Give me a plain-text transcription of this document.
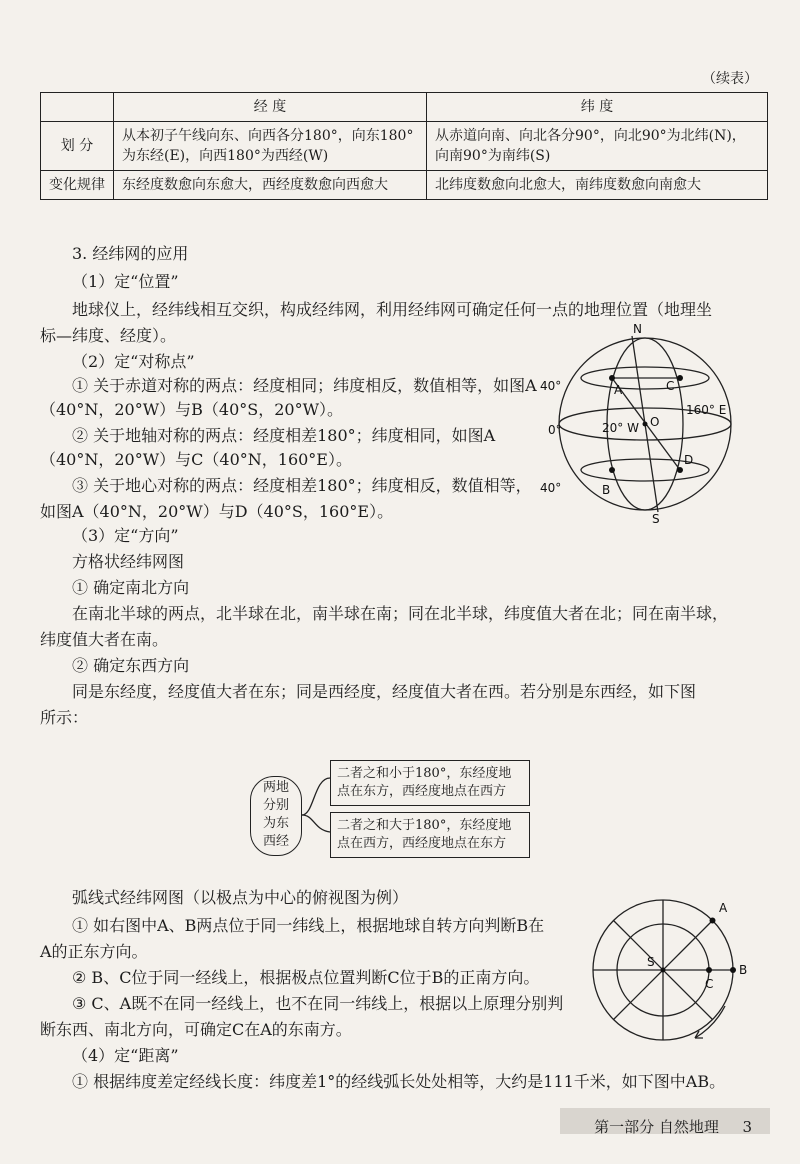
（续表）
	经 度	纬 度
划 分	从本初子午线向东、向西各分180°，向东180°为东经(E)，向西180°为西经(W)	从赤道向南、向北各分90°，向北90°为北纬(N)，向南90°为南纬(S)
变化规律	东经度数愈向东愈大，西经度数愈向西愈大	北纬度数愈向北愈大，南纬度数愈向南愈大
3. 经纬网的应用
（1）定“位置”
地球仪上，经纬线相互交织，构成经纬网，利用经纬网可确定任何一点的地理位置（地理坐
标—纬度、经度）。
（2）定“对称点”
① 关于赤道对称的两点：经度相同；纬度相反，数值相等，如图A
（40°N，20°W）与B（40°S，20°W）。
② 关于地轴对称的两点：经度相差180°；纬度相同，如图A
（40°N，20°W）与C（40°N，160°E）。
③ 关于地心对称的两点：经度相差180°；纬度相反，数值相等，
如图A（40°N，20°W）与D（40°S，160°E）。
（3）定“方向”
方格状经纬网图
① 确定南北方向
在南北半球的两点，北半球在北，南半球在南；同在北半球，纬度值大者在北；同在南半球，
纬度值大者在南。
② 确定东西方向
同是东经度，经度值大者在东；同是西经度，经度值大者在西。若分别是东西经，如下图
所示：
两地
分别
为东
西经
二者之和小于180°，东经度地
点在东方，西经度地点在西方
二者之和大于180°，东经度地
点在西方，西经度地点在东方
弧线式经纬网图（以极点为中心的俯视图为例）
① 如右图中A、B两点位于同一纬线上，根据地球自转方向判断B在
A的正东方向。
② B、C位于同一经线上，根据极点位置判断C位于B的正南方向。
③ C、A既不在同一经线上，也不在同一纬线上，根据以上原理分别判
断东西、南北方向，可确定C在A的东南方。
（4）定“距离”
① 根据纬度差定经线长度：纬度差1°的经线弧长处处相等，大约是111千米，如下图中AB。
N
S
O
A	C
B
D
40°
0°
40°
20° W
160° E
S
A
B
C
第一部分 自然地理 3
